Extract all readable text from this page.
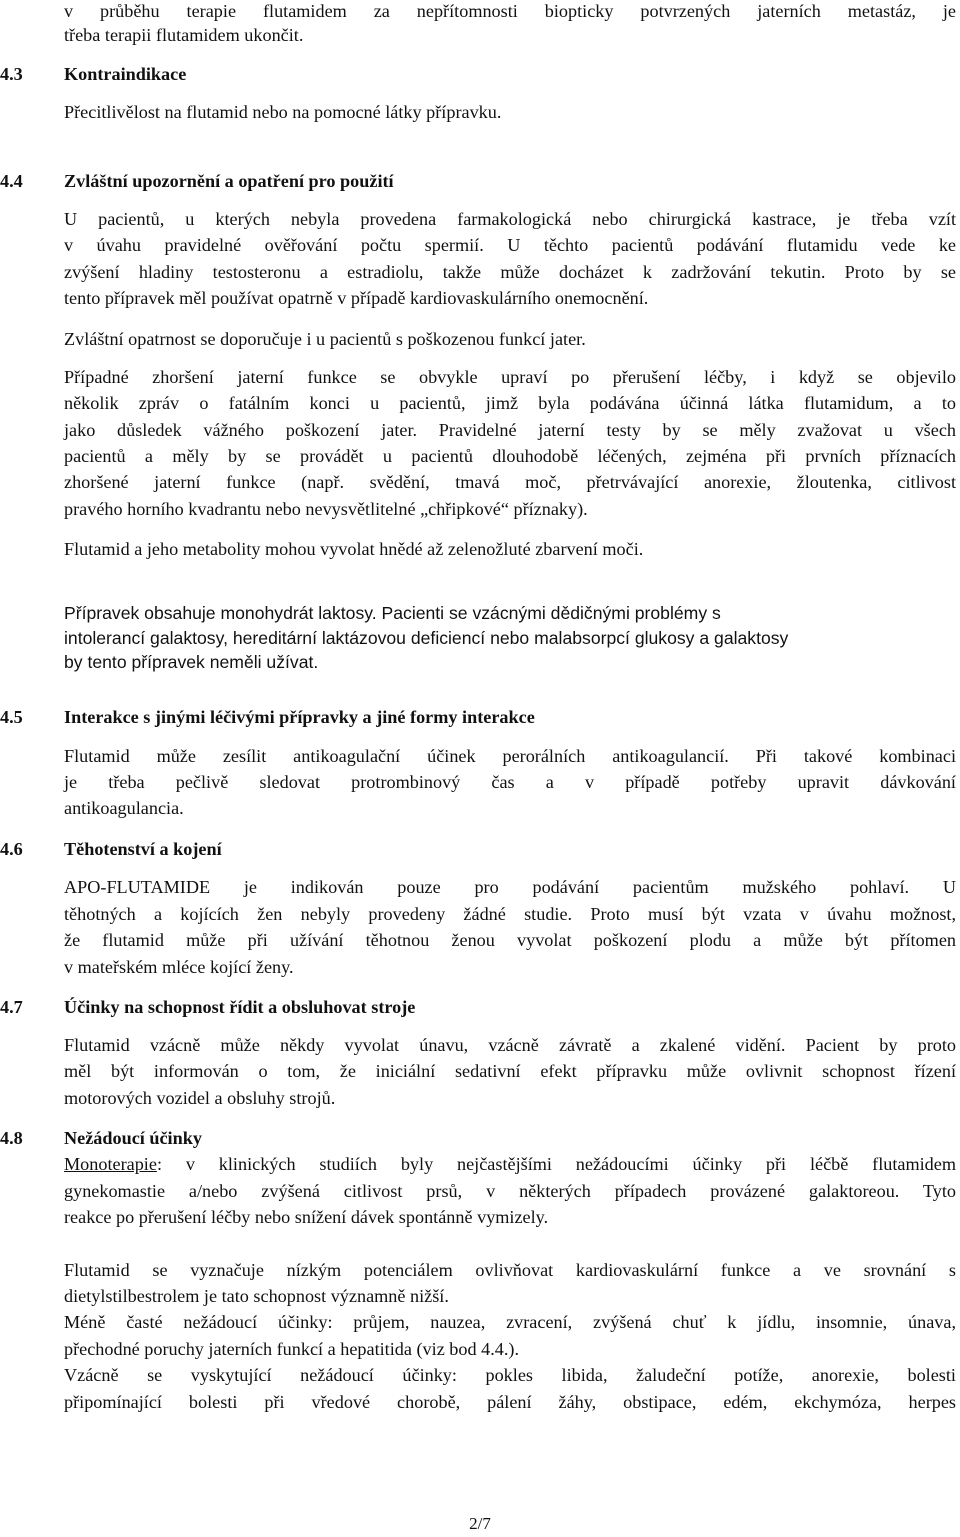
v průběhu terapie flutamidem za nepřítomnosti biopticky potvrzených jaterních metastáz, je
třeba terapii flutamidem ukončit.
4.3 Kontraindikace
Přecitlivělost na flutamid nebo na pomocné látky přípravku.
4.4 Zvláštní upozornění a opatření pro použití
U pacientů, u kterých nebyla provedena farmakologická nebo chirurgická kastrace, je třeba vzít
v úvahu pravidelné ověřování počtu spermií. U těchto pacientů podávání flutamidu vede ke
zvýšení hladiny testosteronu a estradiolu, takže může docházet k zadržování tekutin. Proto by se
tento přípravek měl používat opatrně v případě kardiovaskulárního onemocnění.
Zvláštní opatrnost se doporučuje i u pacientů s poškozenou funkcí jater.
Případné zhoršení jaterní funkce se obvykle upraví po přerušení léčby, i když se objevilo
několik zpráv o fatálním konci u pacientů, jimž byla podávána účinná látka flutamidum, a to
jako důsledek vážného poškození jater. Pravidelné jaterní testy by se měly zvažovat u všech
pacientů a měly by se provádět u pacientů dlouhodobě léčených, zejména při prvních příznacích
zhoršené jaterní funkce (např. svědění, tmavá moč, přetrvávající anorexie, žloutenka, citlivost
pravého horního kvadrantu nebo nevysvětlitelné „chřipkové“ příznaky).
Flutamid a jeho metabolity mohou vyvolat hnědé až zelenožluté zbarvení moči.
Přípravek obsahuje monohydrát laktosy. Pacienti se vzácnými dědičnými problémy s
intolerancí galaktosy, hereditární laktázovou deficiencí nebo malabsorpcí glukosy a galaktosy
by tento přípravek neměli užívat.
4.5 Interakce s jinými léčivými přípravky a jiné formy interakce
Flutamid může zesílit antikoagulační účinek perorálních antikoagulancií. Při takové kombinaci
je třeba pečlivě sledovat protrombinový čas a v případě potřeby upravit dávkování
antikoagulancia.
4.6 Těhotenství a kojení
APO-FLUTAMIDE je indikován pouze pro podávání pacientům mužského pohlaví. U
těhotných a kojících žen nebyly provedeny žádné studie. Proto musí být vzata v úvahu možnost,
že flutamid může při užívání těhotnou ženou vyvolat poškození plodu a může být přítomen
v mateřském mléce kojící ženy.
4.7 Účinky na schopnost řídit a obsluhovat stroje
Flutamid vzácně může někdy vyvolat únavu, vzácně závratě a zkalené vidění. Pacient by proto
měl být informován o tom, že iniciální sedativní efekt přípravku může ovlivnit schopnost řízení
motorových vozidel a obsluhy strojů.
4.8 Nežádoucí účinky
Monoterapie: v klinických studiích byly nejčastějšími nežádoucími účinky při léčbě flutamidem
gynekomastie a/nebo zvýšená citlivost prsů, v některých případech provázené galaktoreou. Tyto
reakce po přerušení léčby nebo snížení dávek spontánně vymizely.
Flutamid se vyznačuje nízkým potenciálem ovlivňovat kardiovaskulární funkce a ve srovnání s
dietylstilbestrolem je tato schopnost významně nižší.
Méně časté nežádoucí účinky: průjem, nauzea, zvracení, zvýšená chuť k jídlu, insomnie, únava,
přechodné poruchy jaterních funkcí a hepatitida (viz bod 4.4.).
Vzácně se vyskytující nežádoucí účinky: pokles libida, žaludeční potíže, anorexie, bolesti
připomínající bolesti při vředové chorobě, pálení žáhy, obstipace, edém, ekchymóza, herpes
2/7
